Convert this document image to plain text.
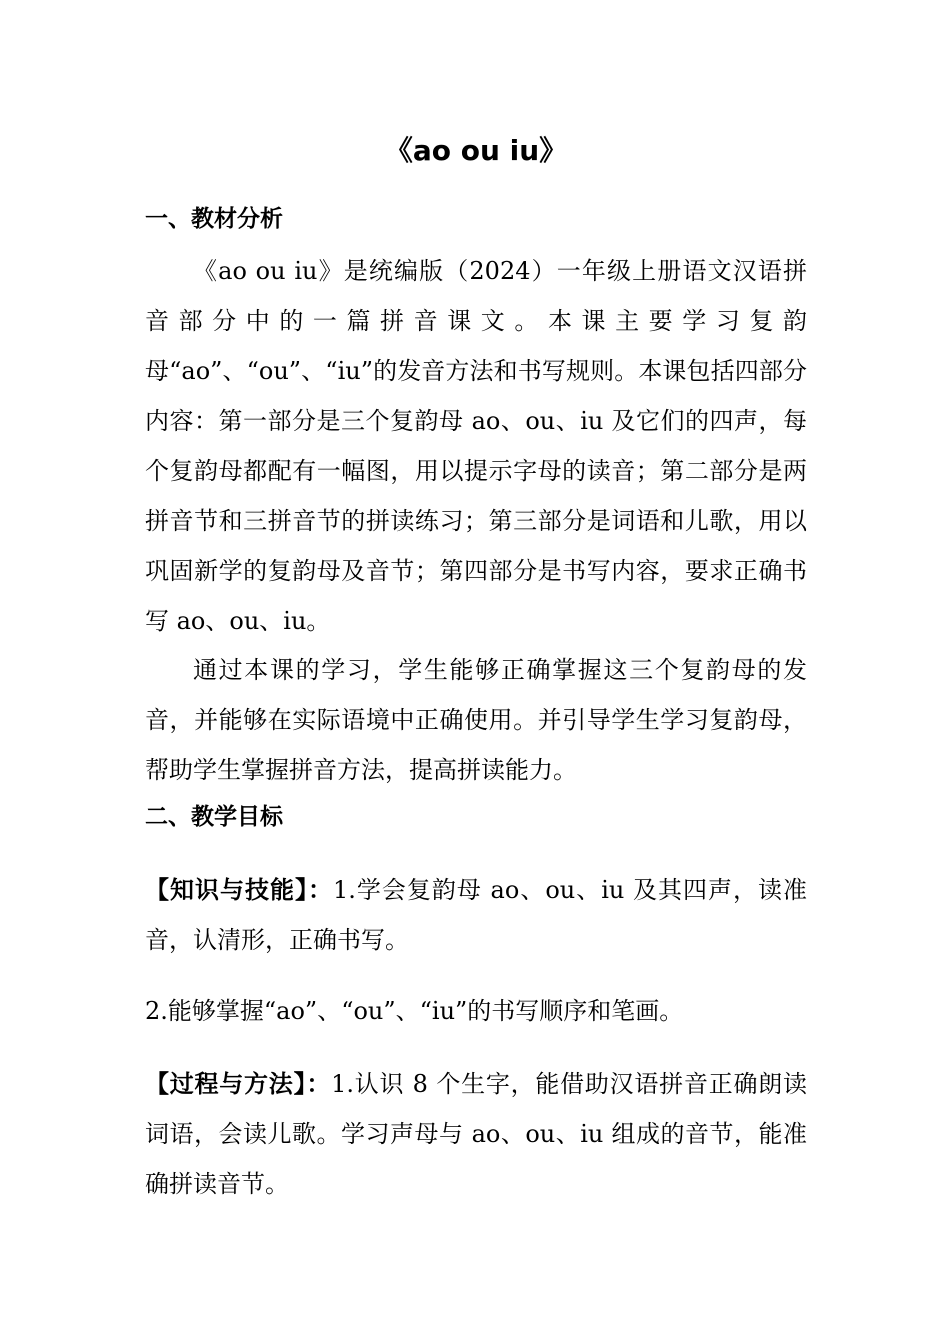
《ao ou iu》
一、教材分析

《ao ou iu》是统编版（2024）一年级上册语文汉语拼音部分中的一篇拼音课文。本课主要学习复韵母“ao”、“ou”、“iu”的发音方法和书写规则。本课包括四部分内容：第一部分是三个复韵母 ao、ou、iu 及它们的四声，每个复韵母都配有一幅图，用以提示字母的读音；第二部分是两拼音节和三拼音节的拼读练习；第三部分是词语和儿歌，用以巩固新学的复韵母及音节；第四部分是书写内容，要求正确书写 ao、ou、iu。

通过本课的学习，学生能够正确掌握这三个复韵母的发音，并能够在实际语境中正确使用。并引导学生学习复韵母，帮助学生掌握拼音方法，提高拼读能力。

二、教学目标

【知识与技能】：1.学会复韵母 ao、ou、iu 及其四声，读准音，认清形，正确书写。

2.能够掌握“ao”、“ou”、“iu”的书写顺序和笔画。

【过程与方法】：1.认识 8 个生字，能借助汉语拼音正确朗读词语，会读儿歌。学习声母与 ao、ou、iu 组成的音节，能准确拼读音节。
